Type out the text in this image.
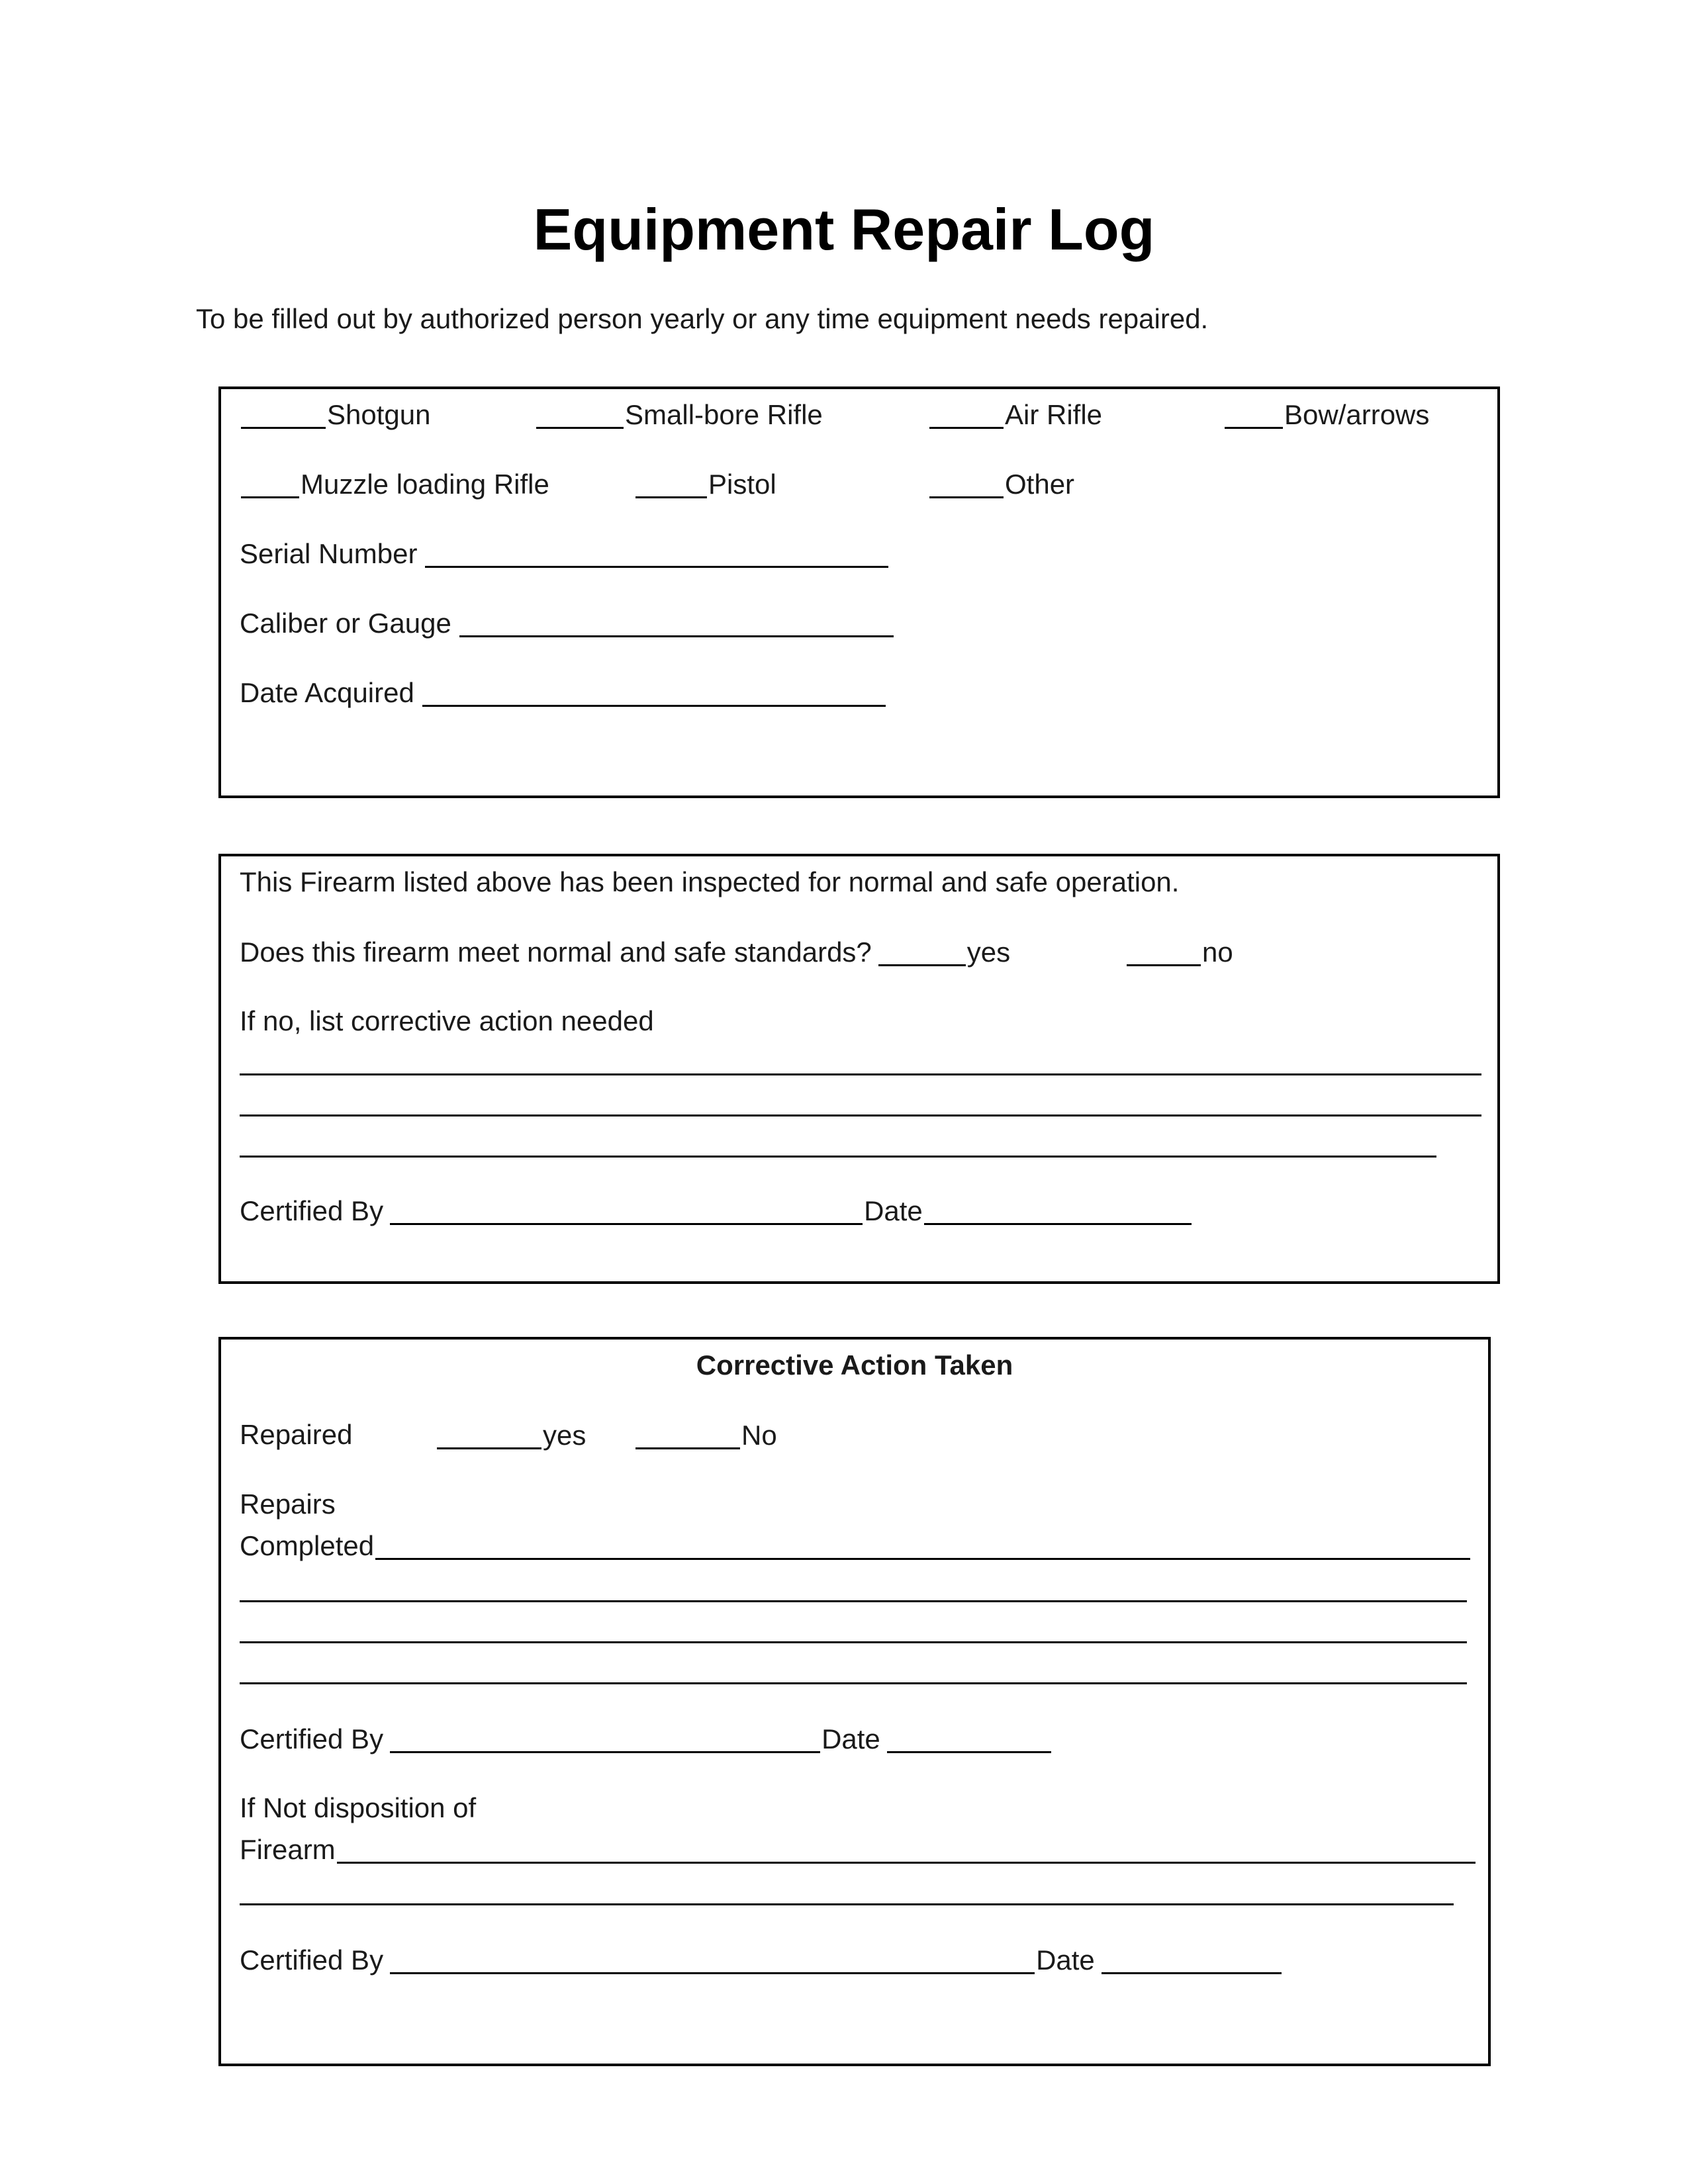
Equipment Repair Log
To be filled out by authorized person yearly or any time equipment needs repaired.
Shotgun	Small-bore Rifle	Air Rifle	Bow/arrows
Muzzle loading Rifle	Pistol	Other
Serial Number
Caliber or Gauge
Date Acquired
This Firearm listed above has been inspected for normal and safe operation.
Does this firearm meet normal and safe standards?	yes	no
If no, list corrective action needed
Certified By	Date
Corrective Action Taken
Repaired	yes	No
Repairs
Completed
Certified By	Date
If Not disposition of
Firearm
Certified By	Date
